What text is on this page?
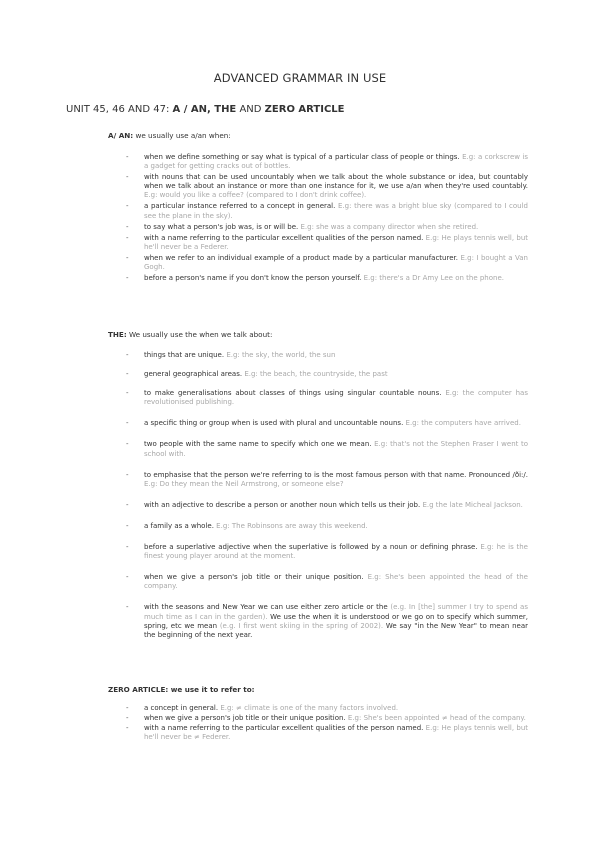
ADVANCED GRAMMAR IN USE
UNIT 45, 46 AND 47: A / AN, THE AND ZERO ARTICLE
A/ AN: we usually use a/an when:
- when we define something or say what is typical of a particular class of people or things. E.g: a corkscrew is a gadget for getting cracks out of bottles.
- with nouns that can be used uncountably when we talk about the whole substance or idea, but countably when we talk about an instance or more than one instance for it, we use a/an when they're used countably. E.g: would you like a coffee? (compared to I don't drink coffee).
- a particular instance referred to a concept in general. E.g: there was a bright blue sky (compared to I could see the plane in the sky).
- to say what a person's job was, is or will be. E.g: she was a company director when she retired.
- with a name referring to the particular excellent qualities of the person named. E.g: He plays tennis well, but he'll never be a Federer.
- when we refer to an individual example of a product made by a particular manufacturer. E.g: I bought a Van Gogh.
- before a person's name if you don't know the person yourself. E.g: there's a Dr Amy Lee on the phone.
THE: We usually use the when we talk about:
- things that are unique. E.g: the sky, the world, the sun
- general geographical areas. E.g: the beach, the countryside, the past
- to make generalisations about classes of things using singular countable nouns. E.g: the computer has revolutionised publishing.
- a specific thing or group when is used with plural and uncountable nouns. E.g: the computers have arrived.
- two people with the same name to specify which one we mean. E.g: that's not the Stephen Fraser I went to school with.
- to emphasise that the person we're referring to is the most famous person with that name. Pronounced /ði:/. E.g: Do they mean the Neil Armstrong, or someone else?
- with an adjective to describe a person or another noun which tells us their job. E.g the late Micheal Jackson.
- a family as a whole. E.g: The Robinsons are away this weekend.
- before a superlative adjective when the superlative is followed by a noun or defining phrase. E.g: he is the finest young player around at the moment.
- when we give a person's job title or their unique position. E.g: She's been appointed the head of the company.
- with the seasons and New Year we can use either zero article or the (e.g. In [the] summer I try to spend as much time as I can in the garden). We use the when it is understood or we go on to specify which summer, spring, etc we mean (e.g. I first went skiing in the spring of 2002). We say "in the New Year" to mean near the beginning of the next year.
ZERO ARTICLE: we use it to refer to:
- a concept in general. E.g: ≠ climate is one of the many factors involved.
- when we give a person's job title or their unique position. E.g: She's been appointed ≠ head of the company.
- with a name referring to the particular excellent qualities of the person named. E.g: He plays tennis well, but he'll never be ≠ Federer.
